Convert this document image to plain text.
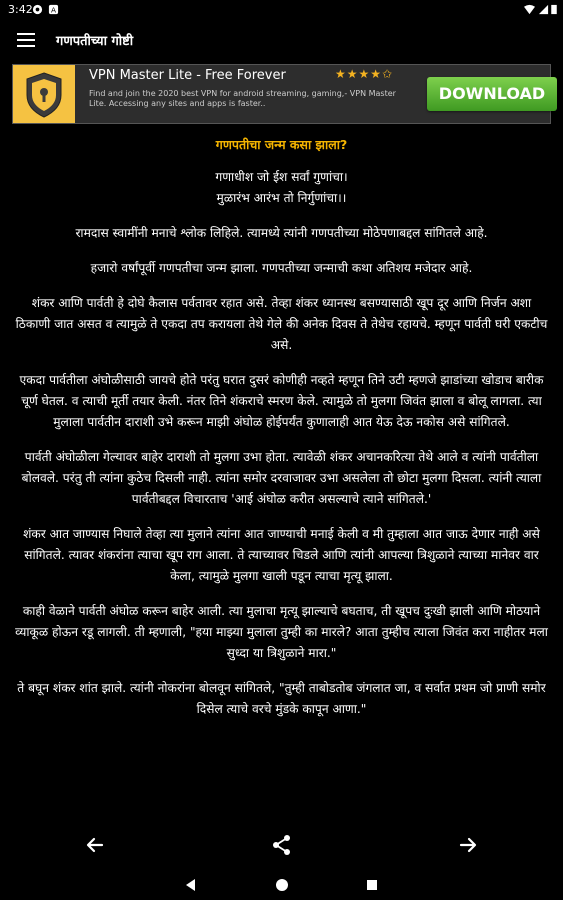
3:42 A
गणपतीच्या गोष्टी
VPN Master Lite - Free Forever	★★★★✩
Find and join the 2020 best VPN for android streaming, gaming,- VPN Master Lite. Accessing any sites and apps is faster..
DOWNLOAD
गणपतीचा जन्म कसा झाला?
गणाधीश जो ईश सर्वां गुणांचा।
मुळारंभ आरंभ तो निर्गुणांचा।।

रामदास स्वामींनी मनाचे श्लोक लिहिले. त्यामध्ये त्यांनी गणपतीच्या मोठेपणाबद्दल सांगितले आहे.

हजारो वर्षांपूर्वी गणपतीचा जन्म झाला. गणपतीच्या जन्माची कथा अतिशय मजेदार आहे.

शंकर आणि पार्वती हे दोघे कैलास पर्वतावर रहात असे. तेव्हा शंकर ध्यानस्थ बसण्यासाठी खूप दूर आणि निर्जन अशा ठिकाणी जात असत व त्यामुळे ते एकदा तप करायला तेथे गेले की अनेक दिवस ते तेथेच रहायचे. म्हणून पार्वती घरी एकटीच असे.

एकदा पार्वतीला अंघोळीसाठी जायचे होते परंतु घरात दुसरं कोणीही नव्हते म्हणून तिने उटी म्हणजे झाडांच्या खोडाच बारीक चूर्ण घेतल. व त्याची मूर्ती तयार केली. नंतर तिने शंकराचे स्मरण केले. त्यामुळे तो मुलगा जिवंत झाला व बोलू लागला. त्या मुलाला पार्वतीन दाराशी उभे करून माझी अंघोळ होईपर्यंत कुणालाही आत येऊ देऊ नकोस असे सांगितले.

पार्वती अंघोळीला गेल्यावर बाहेर दाराशी तो मुलगा उभा होता. त्यावेळी शंकर अचानकरित्या तेथे आले व त्यांनी पार्वतीला बोलवले. परंतु ती त्यांना कुठेच दिसली नाही. त्यांना समोर दरवाजावर उभा असलेला तो छोटा मुलगा दिसला. त्यांनी त्याला पार्वतीबद्दल विचारताच 'आई अंघोळ करीत असल्याचे त्याने सांगितले.'

शंकर आत जाण्यास निघाले तेव्हा त्या मुलाने त्यांना आत जाण्याची मनाई केली व मी तुम्हाला आत जाऊ देणार नाही असे सांगितले. त्यावर शंकरांना त्याचा खूप राग आला. ते त्याच्यावर चिडले आणि त्यांनी आपल्या त्रिशुळाने त्याच्या मानेवर वार केला, त्यामुळे मुलगा खाली पडून त्याचा मृत्यू झाला.

काही वेळाने पार्वती अंघोळ करून बाहेर आली. त्या मुलाचा मृत्यू झाल्याचे बघताच, ती खूपच दुःखी झाली आणि मोठयाने व्याकूळ होऊन रडू लागली. ती म्हणाली, "हया माझ्या मुलाला तुम्ही का मारले? आता तुम्हीच त्याला जिवंत करा नाहीतर मला सुध्दा या त्रिशुळाने मारा."

ते बघून शंकर शांत झाले. त्यांनी नोकरांना बोलवून सांगितले, "तुम्ही ताबोडतोब जंगलात जा, व सर्वात प्रथम जो प्राणी समोर दिसेल त्याचे वरचे मुंडके कापून आणा."
